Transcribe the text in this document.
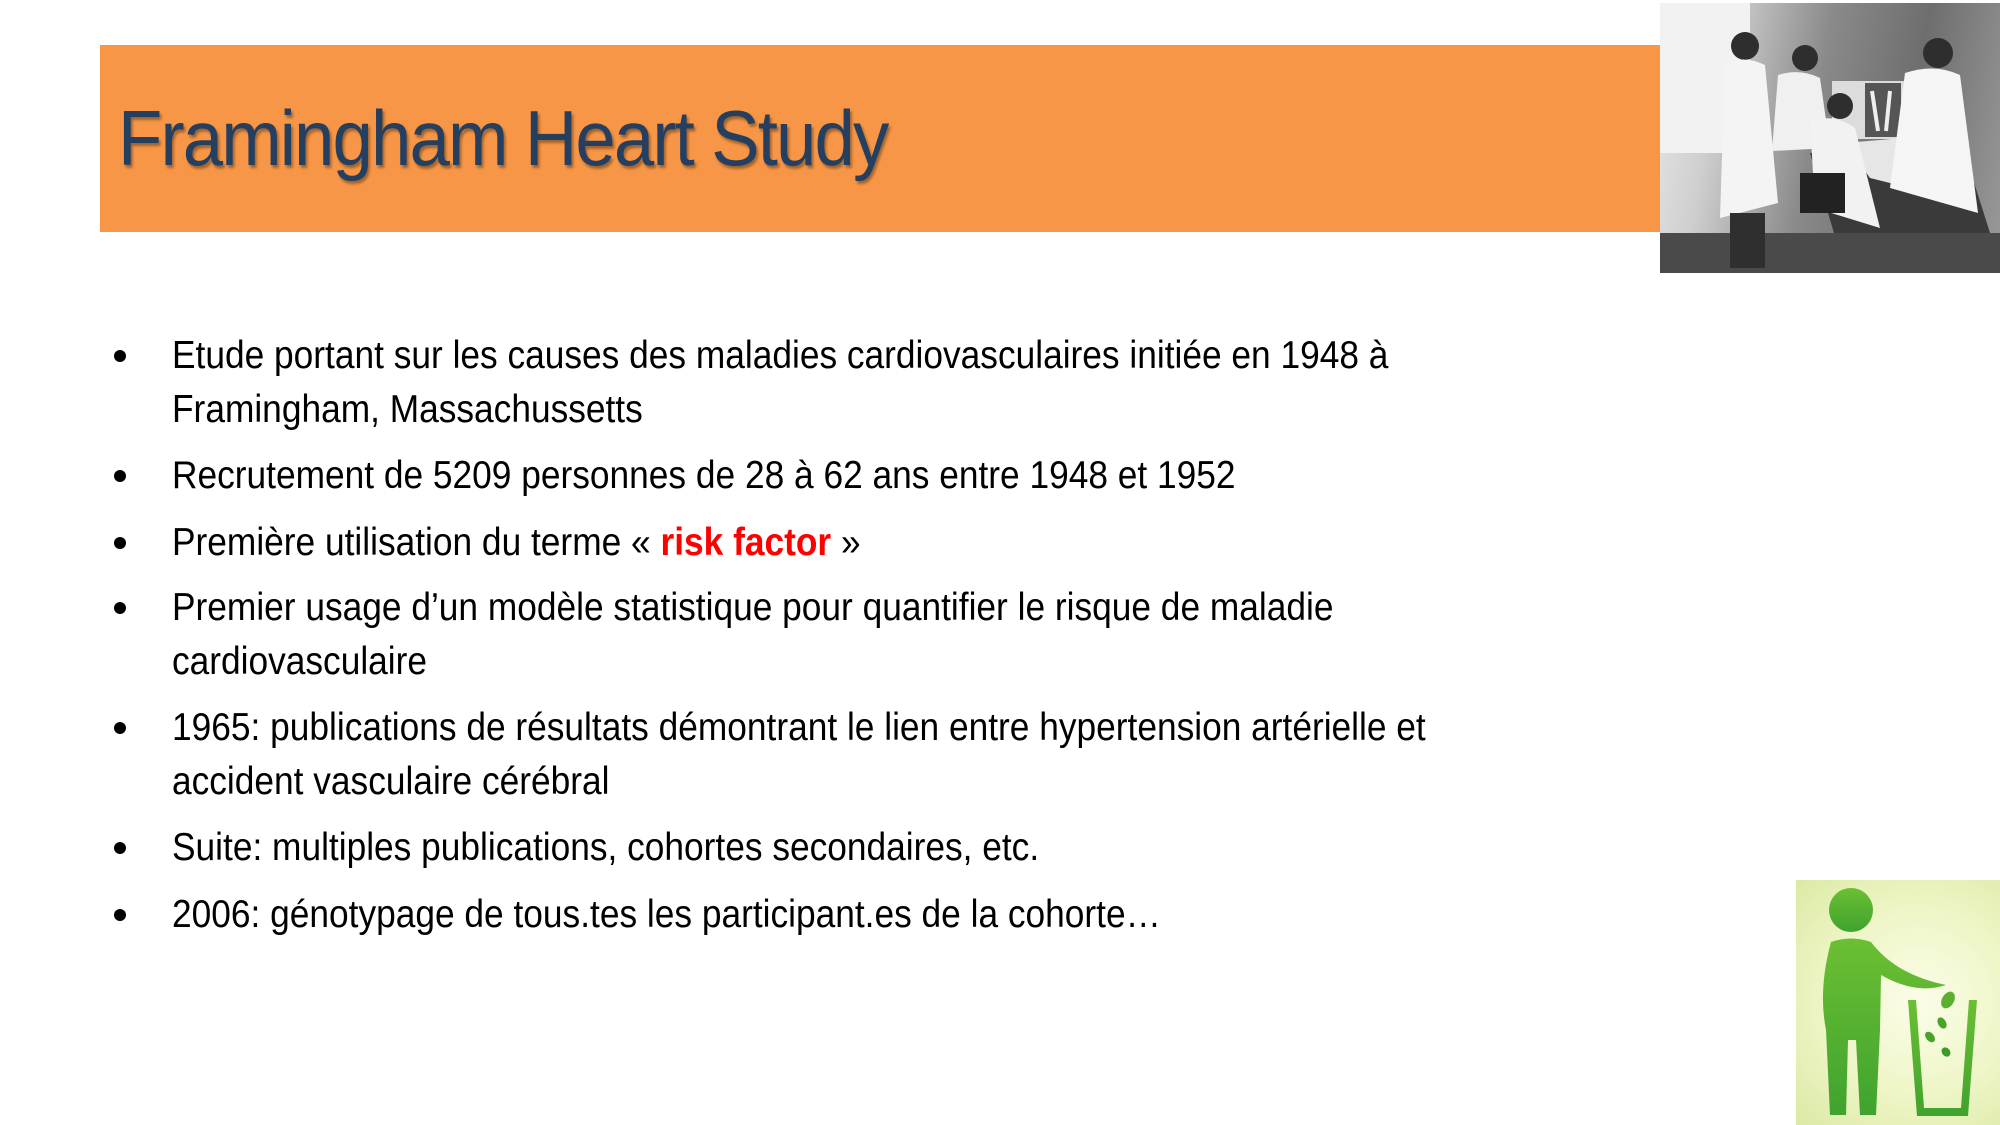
Framingham Heart Study
Etude portant sur les causes des maladies cardiovasculaires initiée en 1948 à
Framingham, Massachussetts
Recrutement de 5209 personnes de 28 à 62 ans entre 1948 et 1952
Première utilisation du terme « risk factor »
Premier usage d’un modèle statistique pour quantifier le risque de maladie
cardiovasculaire
1965: publications de résultats démontrant le lien entre hypertension artérielle et
accident vasculaire cérébral
Suite: multiples publications, cohortes secondaires, etc.
2006: génotypage de tous.tes les participant.es de la cohorte…
